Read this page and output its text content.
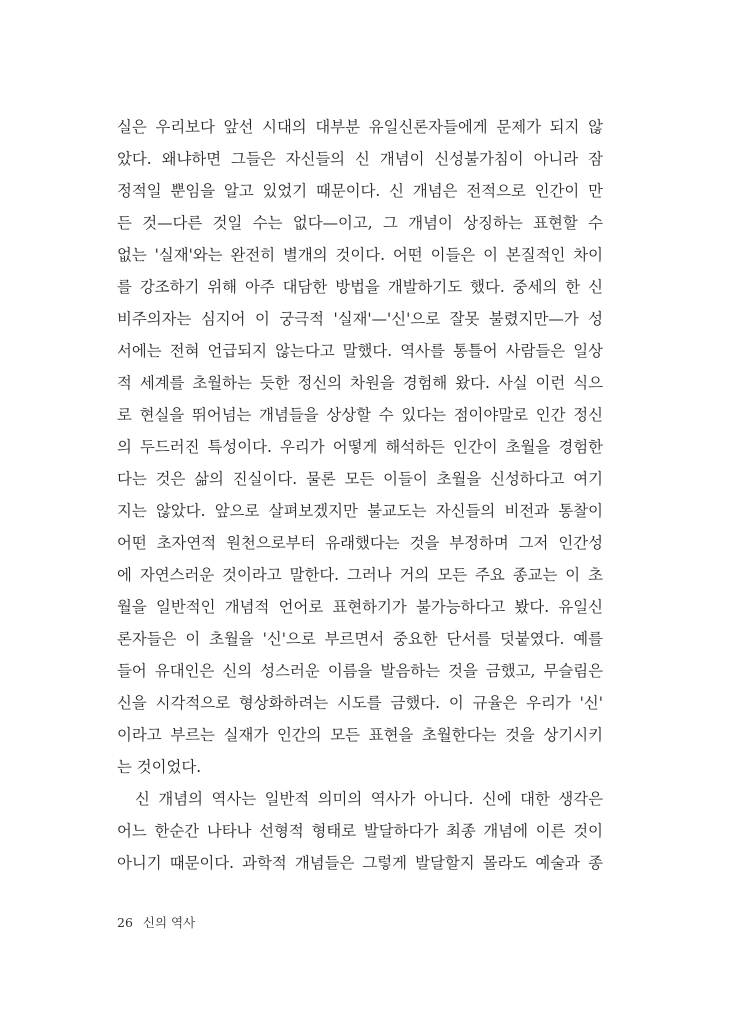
실은 우리보다 앞선 시대의 대부분 유일신론자들에게 문제가 되지 않
았다. 왜냐하면 그들은 자신들의 신 개념이 신성불가침이 아니라 잠
정적일 뿐임을 알고 있었기 때문이다. 신 개념은 전적으로 인간이 만
든 것—다른 것일 수는 없다—이고, 그 개념이 상징하는 표현할 수
없는 '실재'와는 완전히 별개의 것이다. 어떤 이들은 이 본질적인 차이
를 강조하기 위해 아주 대담한 방법을 개발하기도 했다. 중세의 한 신
비주의자는 심지어 이 궁극적 '실재'—'신'으로 잘못 불렸지만—가 성
서에는 전혀 언급되지 않는다고 말했다. 역사를 통틀어 사람들은 일상
적 세계를 초월하는 듯한 정신의 차원을 경험해 왔다. 사실 이런 식으
로 현실을 뛰어넘는 개념들을 상상할 수 있다는 점이야말로 인간 정신
의 두드러진 특성이다. 우리가 어떻게 해석하든 인간이 초월을 경험한
다는 것은 삶의 진실이다. 물론 모든 이들이 초월을 신성하다고 여기
지는 않았다. 앞으로 살펴보겠지만 불교도는 자신들의 비전과 통찰이
어떤 초자연적 원천으로부터 유래했다는 것을 부정하며 그저 인간성
에 자연스러운 것이라고 말한다. 그러나 거의 모든 주요 종교는 이 초
월을 일반적인 개념적 언어로 표현하기가 불가능하다고 봤다. 유일신
론자들은 이 초월을 '신'으로 부르면서 중요한 단서를 덧붙였다. 예를
들어 유대인은 신의 성스러운 이름을 발음하는 것을 금했고, 무슬림은
신을 시각적으로 형상화하려는 시도를 금했다. 이 규율은 우리가 '신'
이라고 부르는 실재가 인간의 모든 표현을 초월한다는 것을 상기시키
는 것이었다.
신 개념의 역사는 일반적 의미의 역사가 아니다. 신에 대한 생각은
어느 한순간 나타나 선형적 형태로 발달하다가 최종 개념에 이른 것이
아니기 때문이다. 과학적 개념들은 그렇게 발달할지 몰라도 예술과 종
26 신의 역사
